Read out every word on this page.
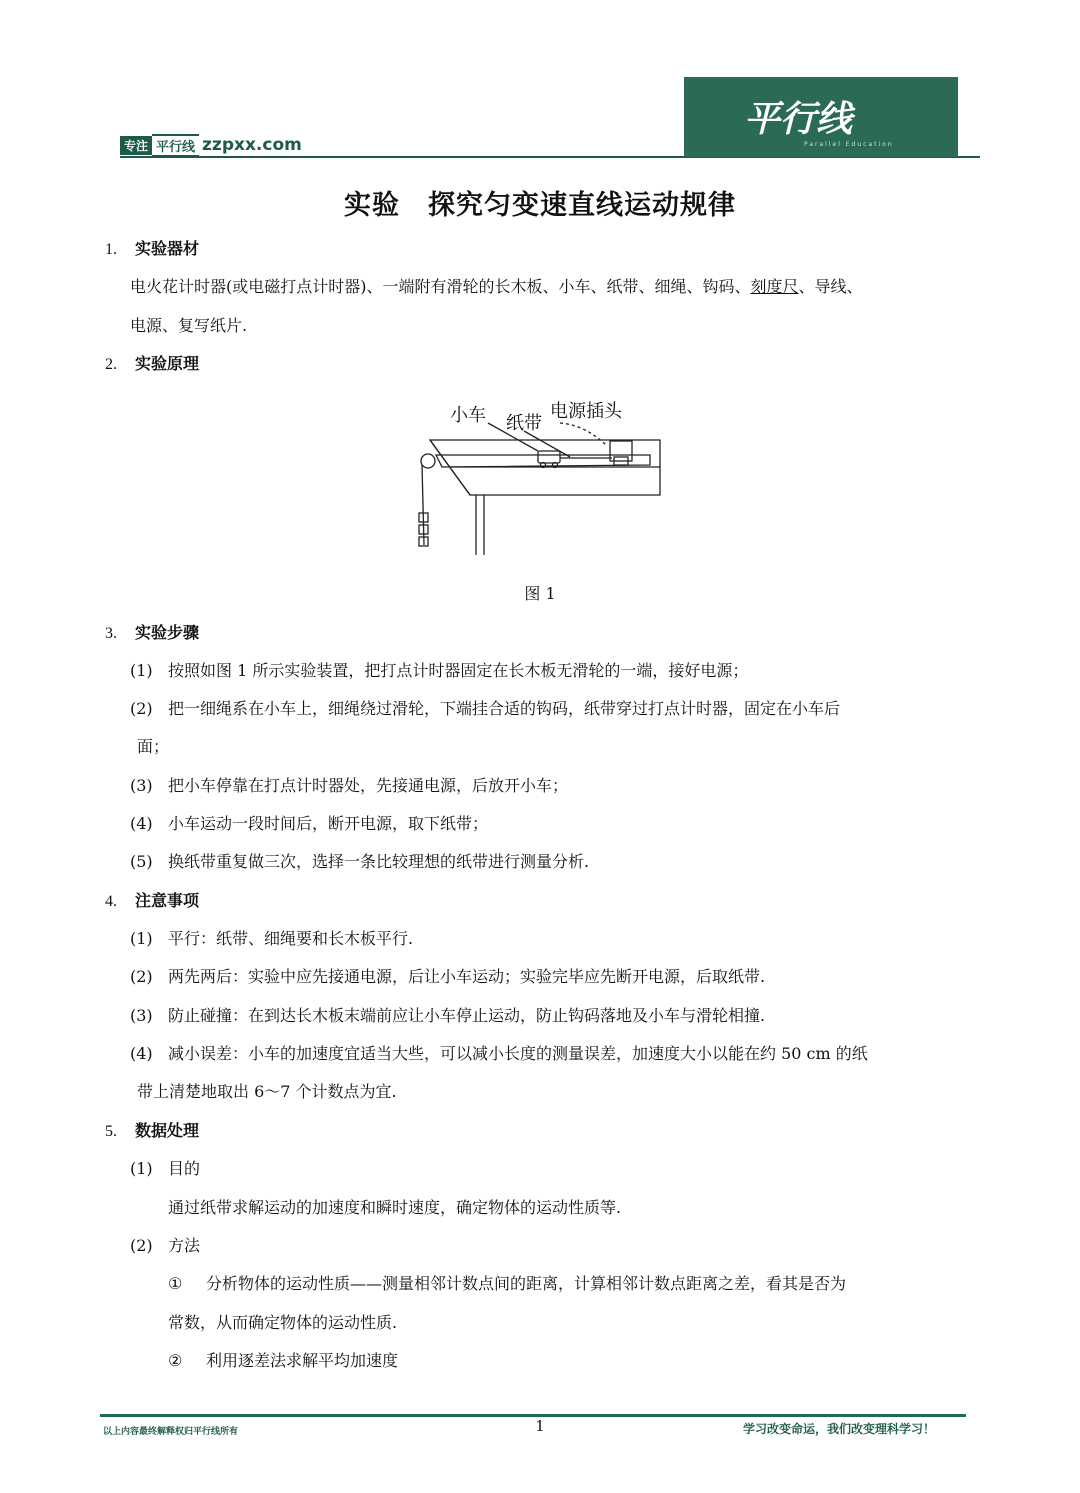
专注 平行线 zzpxx.com
平行线
Parallel Education
实验　探究匀变速直线运动规律
1. 实验器材
电火花计时器(或电磁打点计时器)、一端附有滑轮的长木板、小车、纸带、细绳、钩码、刻度尺、导线、
电源、复写纸片.
2. 实验原理
小车 纸带
电源插头
图 1
3. 实验步骤
(1) 按照如图 1 所示实验装置，把打点计时器固定在长木板无滑轮的一端，接好电源；
(2) 把一细绳系在小车上，细绳绕过滑轮，下端挂合适的钩码，纸带穿过打点计时器，固定在小车后
面；
(3) 把小车停靠在打点计时器处，先接通电源，后放开小车；
(4) 小车运动一段时间后，断开电源，取下纸带；
(5) 换纸带重复做三次，选择一条比较理想的纸带进行测量分析.
4. 注意事项
(1) 平行：纸带、细绳要和长木板平行.
(2) 两先两后：实验中应先接通电源，后让小车运动；实验完毕应先断开电源，后取纸带.
(3) 防止碰撞：在到达长木板末端前应让小车停止运动，防止钩码落地及小车与滑轮相撞.
(4) 减小误差：小车的加速度宜适当大些，可以减小长度的测量误差，加速度大小以能在约 50 cm 的纸
带上清楚地取出 6～7 个计数点为宜.
5. 数据处理
(1) 目的
通过纸带求解运动的加速度和瞬时速度，确定物体的运动性质等.
(2) 方法
① 分析物体的运动性质——测量相邻计数点间的距离，计算相邻计数点距离之差，看其是否为
常数，从而确定物体的运动性质.
② 利用逐差法求解平均加速度
以上内容最终解释权归平行线所有	1	学习改变命运，我们改变理科学习！
